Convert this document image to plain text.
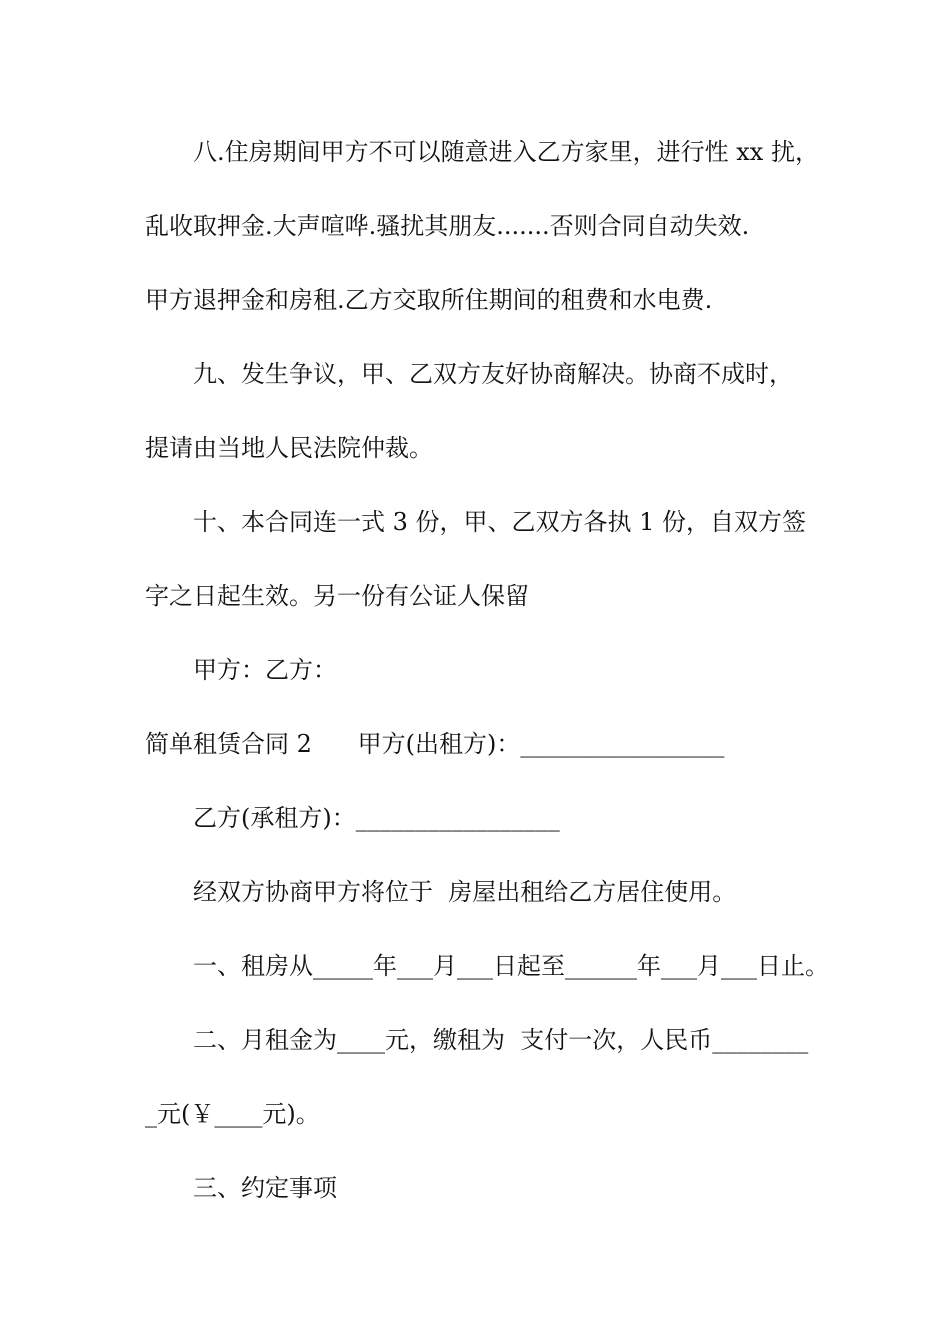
八.住房期间甲方不可以随意进入乙方家里，进行性 xx 扰，
乱收取押金.大声喧哗.骚扰其朋友.......否则合同自动失效.
甲方退押金和房租.乙方交取所住期间的租费和水电费.
九、发生争议，甲、乙双方友好协商解决。协商不成时，
提请由当地人民法院仲裁。
十、本合同连一式 3 份，甲、乙双方各执 1 份，自双方签
字之日起生效。另一份有公证人保留
甲方：乙方：
简单租赁合同 2      甲方(出租方)：_________________
乙方(承租方)：_________________
经双方协商甲方将位于  房屋出租给乙方居住使用。
一、租房从_____年___月___日起至______年___月___日止。
二、月租金为____元，缴租为  支付一次，人民币________
_元(￥____元)。
三、约定事项
